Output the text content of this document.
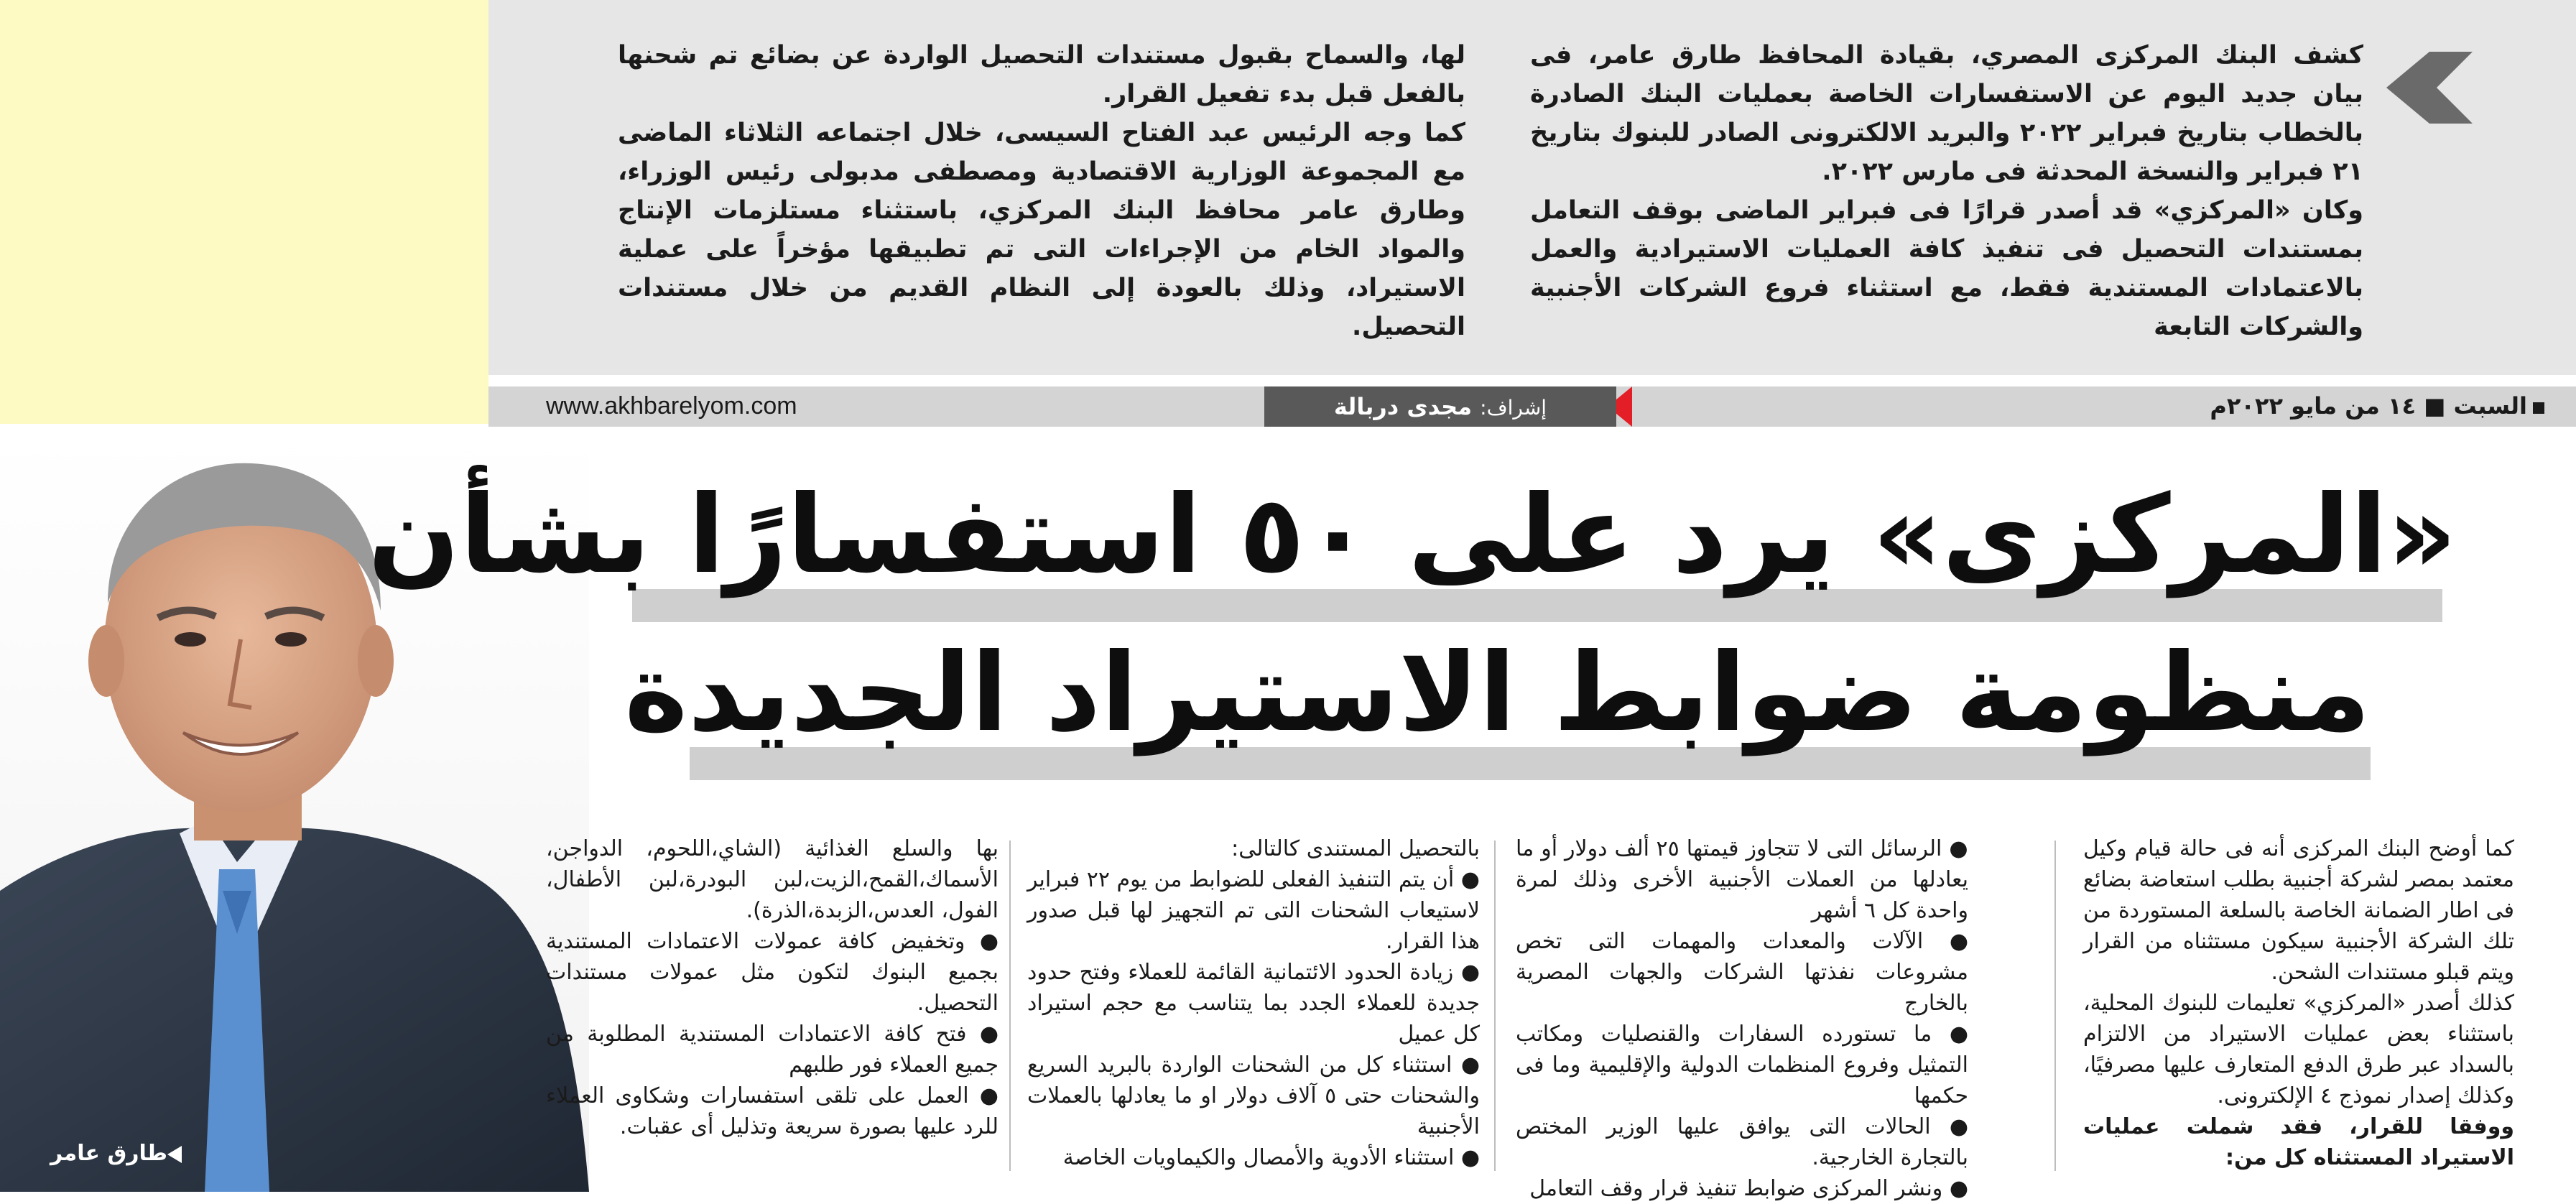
كشف البنك المركزى المصري، بقيادة المحافظ طارق عامر، فى بيان جديد اليوم عن الاستفسارات الخاصة بعمليات البنك الصادرة بالخطاب بتاريخ فبراير ٢٠٢٢ والبريد الالكترونى الصادر للبنوك بتاريخ ٢١ فبراير والنسخة المحدثة فى مارس ٢٠٢٢.

وكان «المركزي» قد أصدر قرارًا فى فبراير الماضى بوقف التعامل بمستندات التحصيل فى تنفيذ كافة العمليات الاستيرادية والعمل بالاعتمادات المستندية فقط، مع استثناء فروع الشركات الأجنبية والشركات التابعة

لها، والسماح بقبول مستندات التحصيل الواردة عن بضائع تم شحنها بالفعل قبل بدء تفعيل القرار.

كما وجه الرئيس عبد الفتاح السيسى، خلال اجتماعه الثلاثاء الماضى مع المجموعة الوزارية الاقتصادية ومصطفى مدبولى رئيس الوزراء، وطارق عامر محافظ البنك المركزي، باستثناء مستلزمات الإنتاج والمواد الخام من الإجراءات التى تم تطبيقها مؤخراً على عملية الاستيراد، وذلك بالعودة إلى النظام القديم من خلال مستندات التحصيل.

السبت ■ ١٤ من مايو ٢٠٢٢م
إشراف: مجدى دربالة
www.akhbarelyom.com
طارق عامر
«المركزى» يرد على ٥٠ استفسارًا بشأن
منظومة ضوابط الاستيراد الجديدة

كما أوضح البنك المركزى أنه فى حالة قيام وكيل معتمد بمصر لشركة أجنبية بطلب استعاضة بضائع فى اطار الضمانة الخاصة بالسلعة المستوردة من تلك الشركة الأجنبية سيكون مستثناه من القرار ويتم قبلو مستندات الشحن.

كذلك أصدر «المركزي» تعليمات للبنوك المحلية، باستثناء بعض عمليات الاستيراد من الالتزام بالسداد عبر طرق الدفع المتعارف عليها مصرفيًا، وكذلك إصدار نموذج ٤ الإلكترونى.

ووفقا للقرار، فقد شملت عمليات الاستيراد المستثناه كل من:

● الرسائل التى لا تتجاوز قيمتها ٢٥ ألف دولار أو ما يعادلها من العملات الأجنبية الأخرى وذلك لمرة واحدة كل ٦ أشهر

● الآلات والمعدات والمهمات التى تخص مشروعات نفذتها الشركات والجهات المصرية بالخارج

● ما تستورده السفارات والقنصليات ومكاتب التمثيل وفروع المنظمات الدولية والإقليمية وما فى حكمها

● الحالات التى يوافق عليها الوزير المختص بالتجارة الخارجية.

● ونشر المركزى ضوابط تنفيذ قرار وقف التعامل

بالتحصيل المستندى كالتالى:

● أن يتم التنفيذ الفعلى للضوابط من يوم ٢٢ فبراير لاستيعاب الشحنات التى تم التجهيز لها قبل صدور هذا القرار.

● زيادة الحدود الائتمانية القائمة للعملاء وفتح حدود جديدة للعملاء الجدد بما يتناسب مع حجم استيراد كل عميل

● استثناء كل من الشحنات الواردة بالبريد السريع والشحنات حتى ٥ آلاف دولار او ما يعادلها بالعملات الأجنبية

● استثناء الأدوية والأمصال والكيماويات الخاصة

بها والسلع الغذائية (الشاي،اللحوم، الدواجن، الأسماك،القمح،الزيت،لبن البودرة،لبن الأطفال، الفول، العدس،الزبدة،الذرة).

● وتخفيض كافة عمولات الاعتمادات المستندية بجميع البنوك لتكون مثل عمولات مستندات التحصيل.

● فتح كافة الاعتمادات المستندية المطلوبة من جميع العملاء فور طلبهم

● العمل على تلقى استفسارات وشكاوى العملاء للرد عليها بصورة سريعة وتذليل أى عقبات.
